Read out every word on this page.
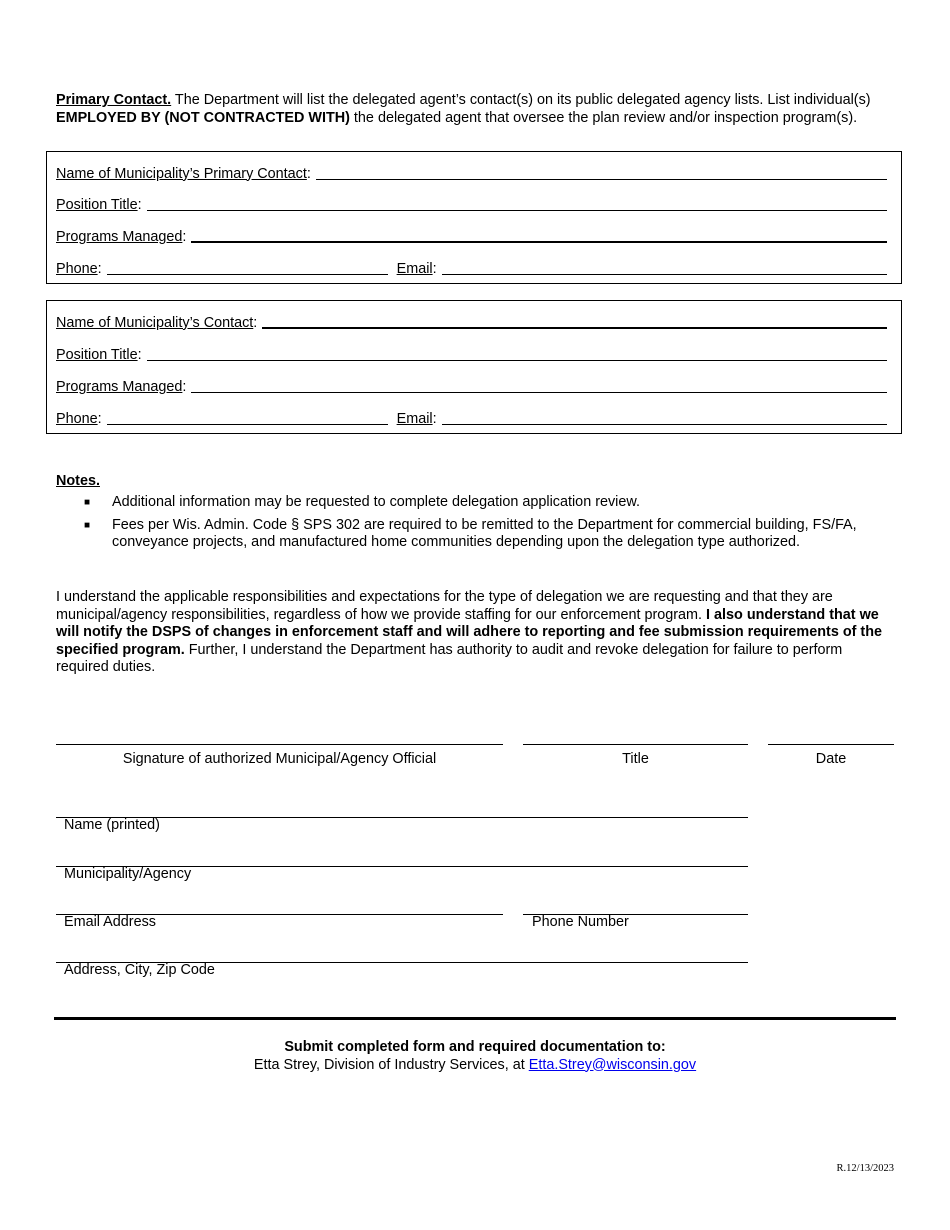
Primary Contact. The Department will list the delegated agent’s contact(s) on its public delegated agency lists. List individual(s) EMPLOYED BY (NOT CONTRACTED WITH) the delegated agent that oversee the plan review and/or inspection program(s).
Name of Municipality’s Primary Contact :
Position Title :
Programs Managed :
Phone :	Email :
Name of Municipality’s Contact :
Position Title :
Programs Managed :
Phone :	Email :
Notes.
■ Additional information may be requested to complete delegation application review.
■ Fees per Wis. Admin. Code § SPS 302 are required to be remitted to the Department for commercial building, FS/FA, conveyance projects, and manufactured home communities depending upon the delegation type authorized.
I understand the applicable responsibilities and expectations for the type of delegation we are requesting and that they are municipal/agency responsibilities, regardless of how we provide staffing for our enforcement program. I also understand that we will notify the DSPS of changes in enforcement staff and will adhere to reporting and fee submission requirements of the specified program. Further, I understand the Department has authority to audit and revoke delegation for failure to perform required duties.
Signature of authorized Municipal/Agency Official	Title	Date
Name (printed)
Municipality/Agency
Email Address	Phone Number
Address, City, Zip Code
Submit completed form and required documentation to:
Etta Strey, Division of Industry Services, at Etta.Strey@wisconsin.gov
R.12/13/2023
